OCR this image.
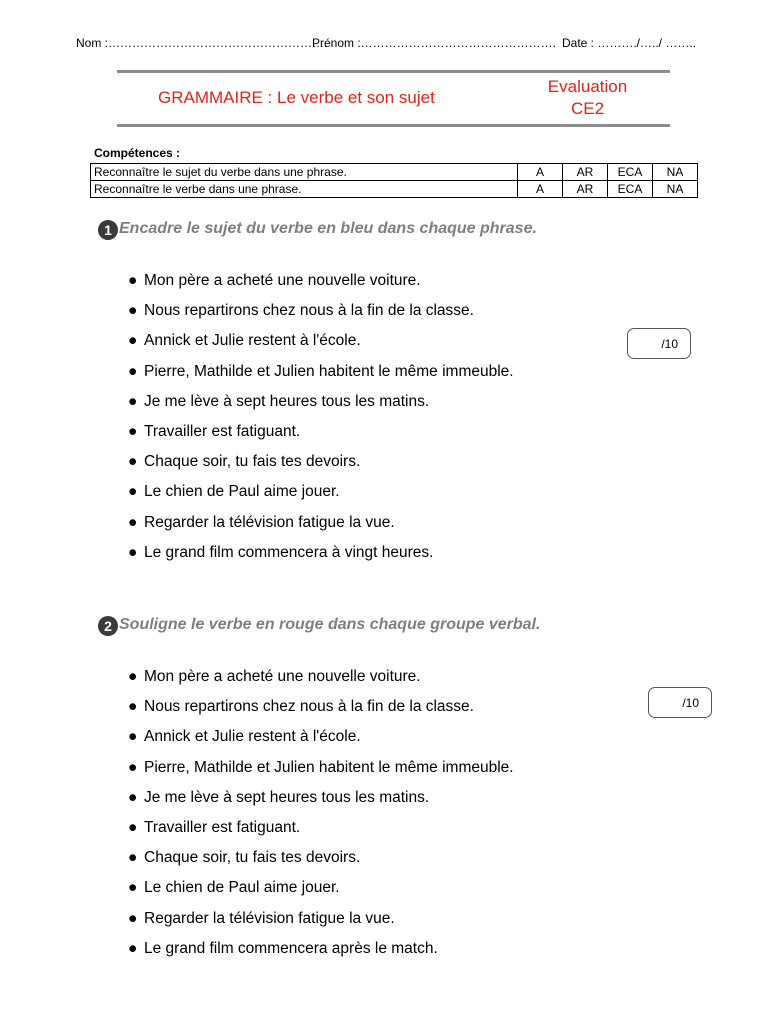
Nom :……………………………………………….
Prénom :…………………………………………. Date : ………./…../ ……..
GRAMMAIRE : Le verbe et son sujet
Evaluation
CE2
Compétences :
Reconnaître le sujet du verbe dans une phrase.	A	AR	ECA	NA
Reconnaître le verbe dans une phrase.	A	AR	ECA	NA
1 Encadre le sujet du verbe en bleu dans chaque phrase.
● Mon père a acheté une nouvelle voiture.
● Nous repartirons chez nous à la fin de la classe.
● Annick et Julie restent à l'école.
● Pierre, Mathilde et Julien habitent le même immeuble.
● Je me lève à sept heures tous les matins.
● Travailler est fatiguant.
● Chaque soir, tu fais tes devoirs.
● Le chien de Paul aime jouer.
● Regarder la télévision fatigue la vue.
● Le grand film commencera à vingt heures.
/10
2 Souligne le verbe en rouge dans chaque groupe verbal.
● Mon père a acheté une nouvelle voiture.
● Nous repartirons chez nous à la fin de la classe.
● Annick et Julie restent à l'école.
● Pierre, Mathilde et Julien habitent le même immeuble.
● Je me lève à sept heures tous les matins.
● Travailler est fatiguant.
● Chaque soir, tu fais tes devoirs.
● Le chien de Paul aime jouer.
● Regarder la télévision fatigue la vue.
● Le grand film commencera après le match.
/10
